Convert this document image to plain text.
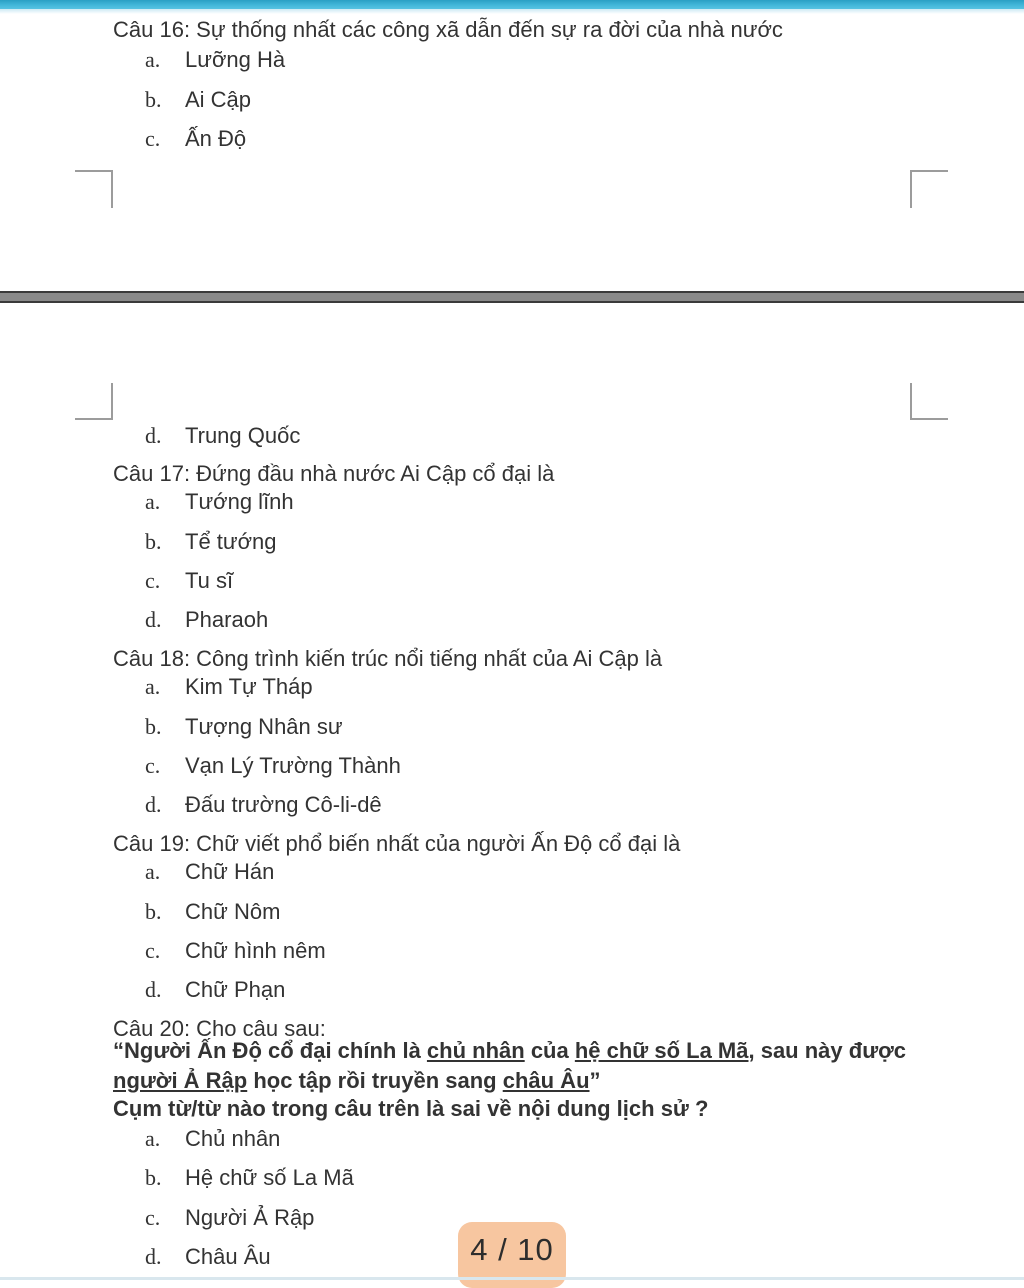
Câu 16: Sự thống nhất các công xã dẫn đến sự ra đời của nhà nước
a. Lưỡng Hà
b. Ai Cập
c. Ấn Độ
d. Trung Quốc
Câu 17: Đứng đầu nhà nước Ai Cập cổ đại là
a. Tướng lĩnh
b. Tể tướng
c. Tu sĩ
d. Pharaoh
Câu 18: Công trình kiến trúc nổi tiếng nhất của Ai Cập là
a. Kim Tự Tháp
b. Tượng Nhân sư
c. Vạn Lý Trường Thành
d. Đấu trường Cô-li-dê
Câu 19: Chữ viết phổ biến nhất của người Ấn Độ cổ đại là
a. Chữ Hán
b. Chữ Nôm
c. Chữ hình nêm
d. Chữ Phạn
Câu 20: Cho câu sau:
“Người Ấn Độ cổ đại chính là chủ nhân của hệ chữ số La Mã, sau này được người Ả Rập học tập rồi truyền sang châu Âu”
Cụm từ/từ nào trong câu trên là sai về nội dung lịch sử ?
a. Chủ nhân
b. Hệ chữ số La Mã
c. Người Ả Rập
d. Châu Âu	4 / 10
